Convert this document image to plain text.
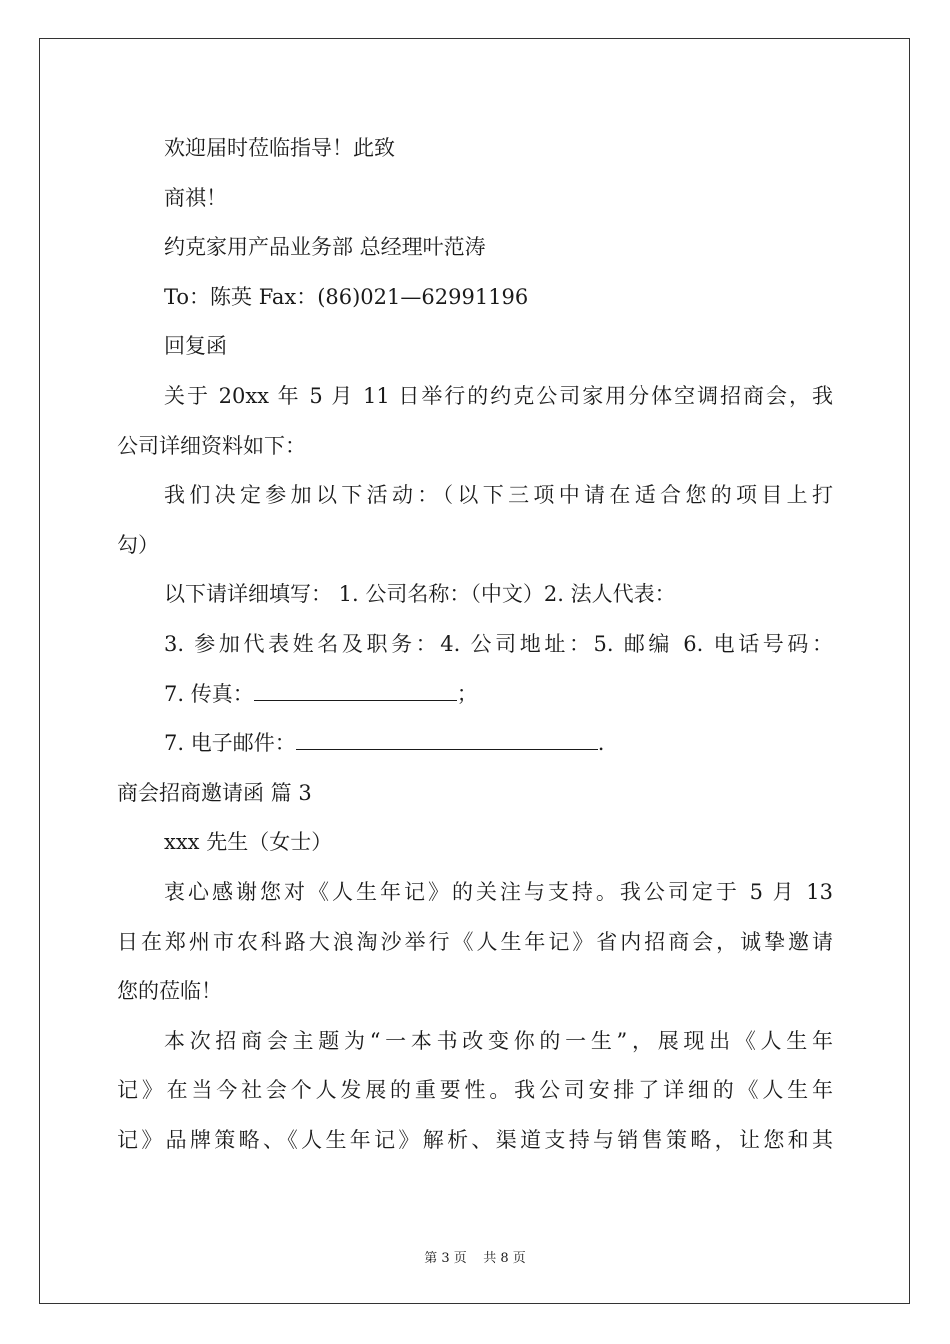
欢迎届时莅临指导！此致
商祺！
约克家用产品业务部 总经理叶范涛
To：陈英 Fax：(86)021—62991196
回复函
关于 20xx 年 5 月 11 日举行的约克公司家用分体空调招商会，我
公司详细资料如下：
我们决定参加以下活动：（以下三项中请在适合您的项目上打
勾）
以下请详细填写： 1. 公司名称：（中文）2. 法人代表：
3. 参加代表姓名及职务：4. 公司地址：5. 邮编 6. 电话号码：
7. 传真：	；
7. 电子邮件：	.
商会招商邀请函 篇 3
xxx 先生（女士）
衷心感谢您对《人生年记》的关注与支持。我公司定于 5 月 13
日在郑州市农科路大浪淘沙举行《人生年记》省内招商会，诚挚邀请
您的莅临！
本次招商会主题为“一本书改变你的一生”，展现出《人生年
记》在当今社会个人发展的重要性。我公司安排了详细的《人生年
记》品牌策略、《人生年记》解析、渠道支持与销售策略，让您和其
第 3 页 共 8 页
